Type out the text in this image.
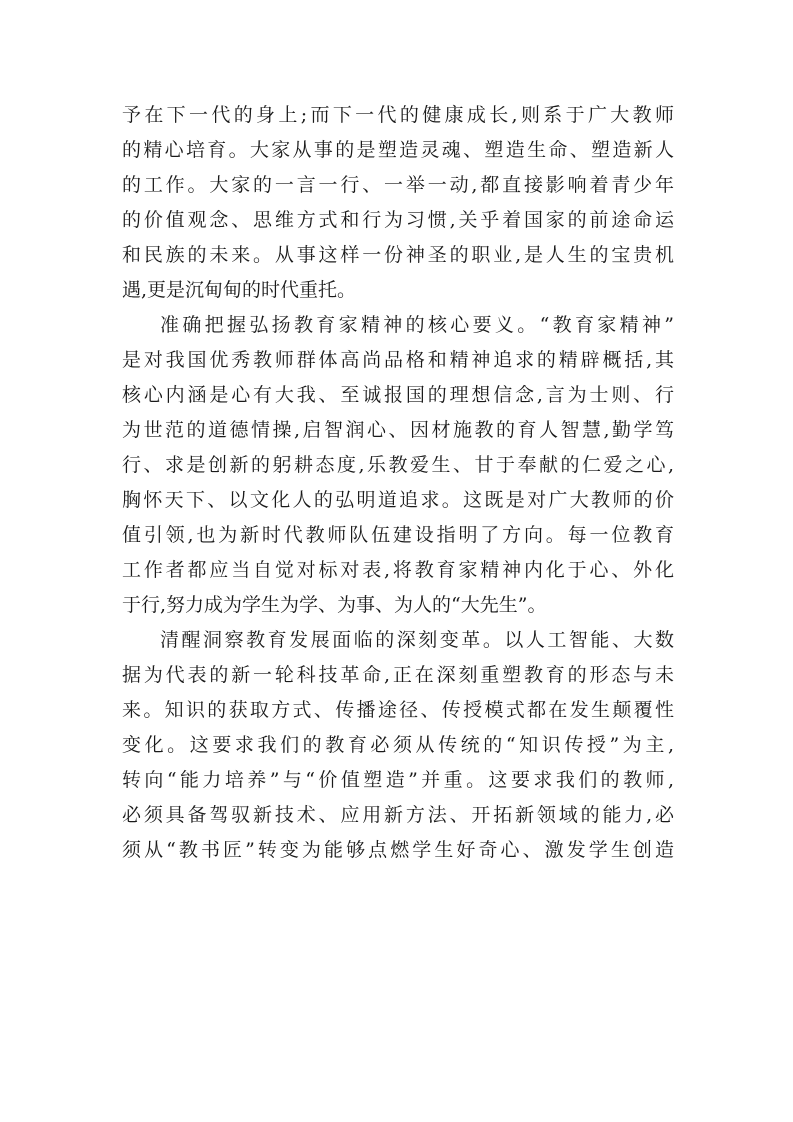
予在下一代的身上;而下一代的健康成长,则系于广大教师
的精心培育。大家从事的是塑造灵魂、塑造生命、塑造新人
的工作。大家的一言一行、一举一动,都直接影响着青少年
的价值观念、思维方式和行为习惯,关乎着国家的前途命运
和民族的未来。从事这样一份神圣的职业,是人生的宝贵机
遇,更是沉甸甸的时代重托。
准确把握弘扬教育家精神的核心要义。“教育家精神”
是对我国优秀教师群体高尚品格和精神追求的精辟概括,其
核心内涵是心有大我、至诚报国的理想信念,言为士则、行
为世范的道德情操,启智润心、因材施教的育人智慧,勤学笃
行、求是创新的躬耕态度,乐教爱生、甘于奉献的仁爱之心,
胸怀天下、以文化人的弘明道追求。这既是对广大教师的价
值引领,也为新时代教师队伍建设指明了方向。每一位教育
工作者都应当自觉对标对表,将教育家精神内化于心、外化
于行,努力成为学生为学、为事、为人的“大先生”。
清醒洞察教育发展面临的深刻变革。以人工智能、大数
据为代表的新一轮科技革命,正在深刻重塑教育的形态与未
来。知识的获取方式、传播途径、传授模式都在发生颠覆性
变化。这要求我们的教育必须从传统的“知识传授”为主,
转向“能力培养”与“价值塑造”并重。这要求我们的教师,
必须具备驾驭新技术、应用新方法、开拓新领域的能力,必
须从“教书匠”转变为能够点燃学生好奇心、激发学生创造
